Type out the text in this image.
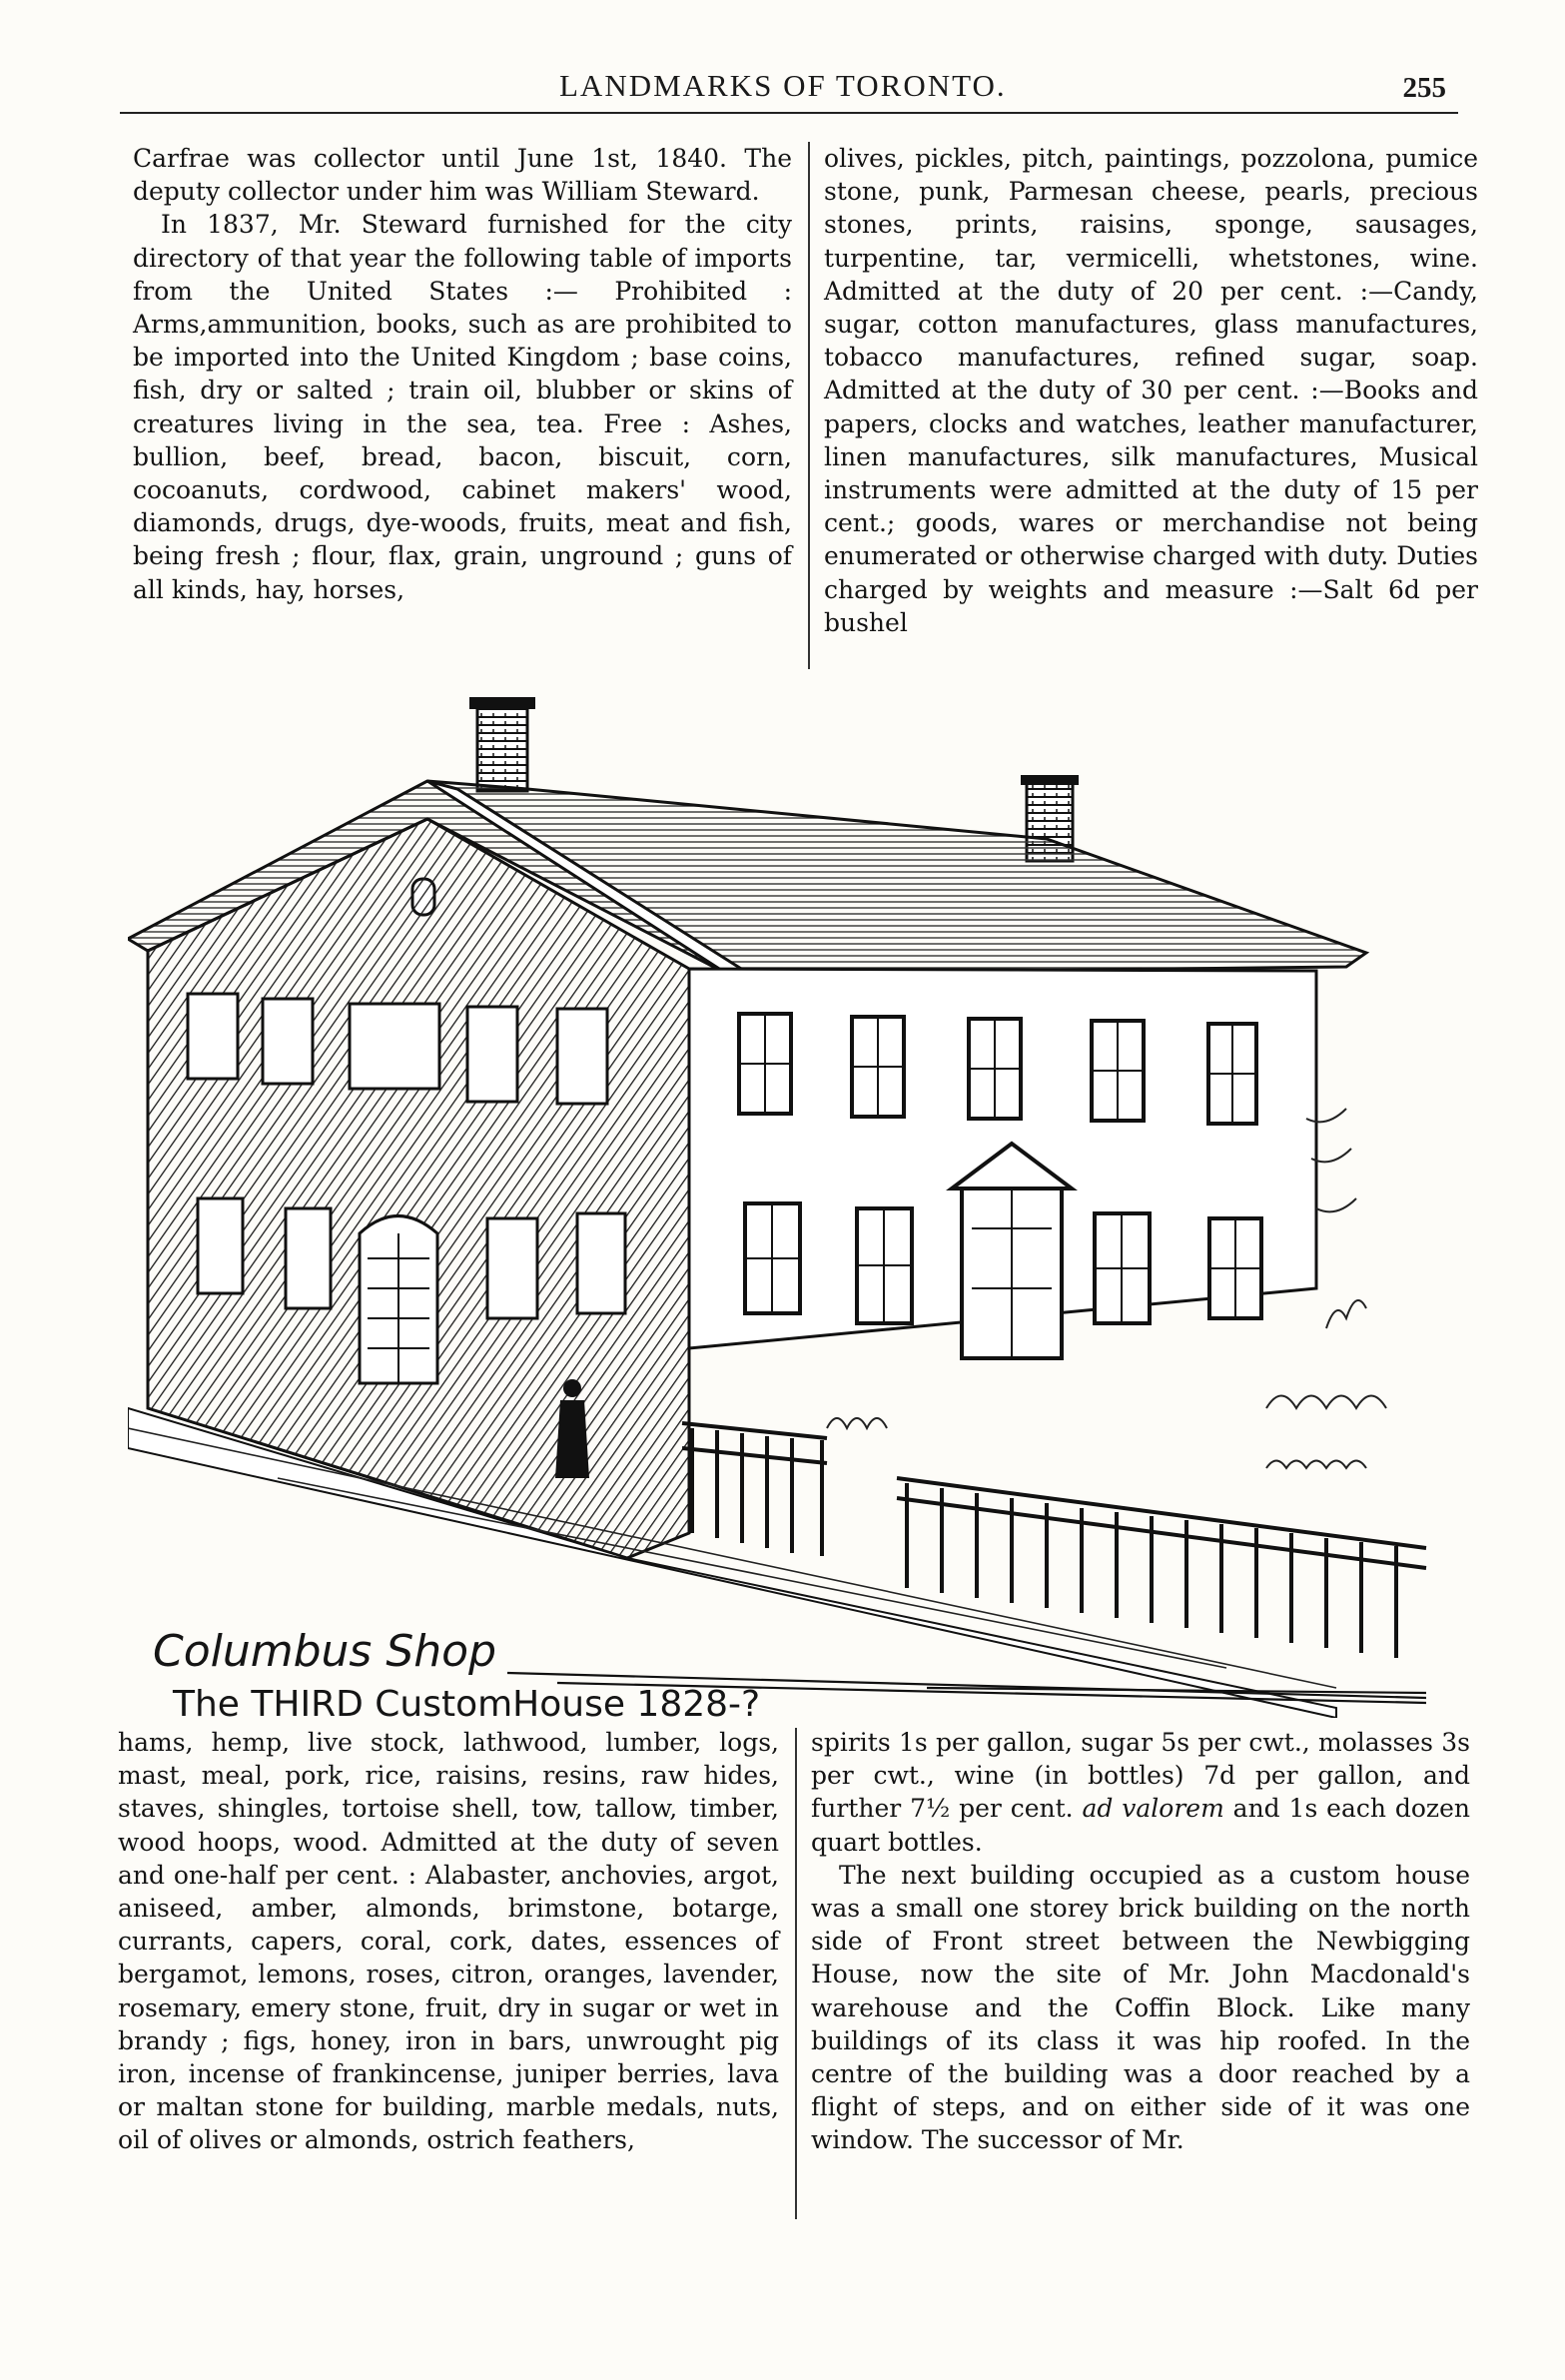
LANDMARKS OF TORONTO.	255

Carfrae was collector until June 1st, 1840. The deputy collector under him was William Steward.

In 1837, Mr. Steward furnished for the city directory of that year the following table of imports from the United States :— Prohibited : Arms,ammunition, books, such as are prohibited to be imported into the United Kingdom ; base coins, fish, dry or salted ; train oil, blubber or skins of creatures living in the sea, tea. Free : Ashes, bullion, beef, bread, bacon, biscuit, corn, cocoanuts, cordwood, cabinet makers' wood, diamonds, drugs, dye-woods, fruits, meat and fish, being fresh ; flour, flax, grain, unground ; guns of all kinds, hay, horses,

olives, pickles, pitch, paintings, pozzolona, pumice stone, punk, Parmesan cheese, pearls, precious stones, prints, raisins, sponge, sausages, turpentine, tar, vermicelli, whetstones, wine. Admitted at the duty of 20 per cent. :—Candy, sugar, cotton manufactures, glass manufactures, tobacco manufactures, refined sugar, soap. Admitted at the duty of 30 per cent. :—Books and papers, clocks and watches, leather manufacturer, linen manufactures, silk manufactures, Musical instruments were admitted at the duty of 15 per cent.; goods, wares or merchandise not being enumerated or otherwise charged with duty. Duties charged by weights and measure :—Salt 6d per bushel

Columbus Shop
The THIRD CustomHouse 1828-?

hams, hemp, live stock, lathwood, lumber, logs, mast, meal, pork, rice, raisins, resins, raw hides, staves, shingles, tortoise shell, tow, tallow, timber, wood hoops, wood. Admitted at the duty of seven and one-half per cent. : Alabaster, anchovies, argot, aniseed, amber, almonds, brimstone, botarge, currants, capers, coral, cork, dates, essences of bergamot, lemons, roses, citron, oranges, lavender, rosemary, emery stone, fruit, dry in sugar or wet in brandy ; figs, honey, iron in bars, unwrought pig iron, incense of frankincense, juniper berries, lava or maltan stone for building, marble medals, nuts, oil of olives or almonds, ostrich feathers,

spirits 1s per gallon, sugar 5s per cwt., molasses 3s per cwt., wine (in bottles) 7d per gallon, and further 7½ per cent. ad valorem and 1s each dozen quart bottles.

The next building occupied as a custom house was a small one storey brick building on the north side of Front street between the Newbigging House, now the site of Mr. John Macdonald's warehouse and the Coffin Block. Like many buildings of its class it was hip roofed. In the centre of the building was a door reached by a flight of steps, and on either side of it was one window. The successor of Mr.
